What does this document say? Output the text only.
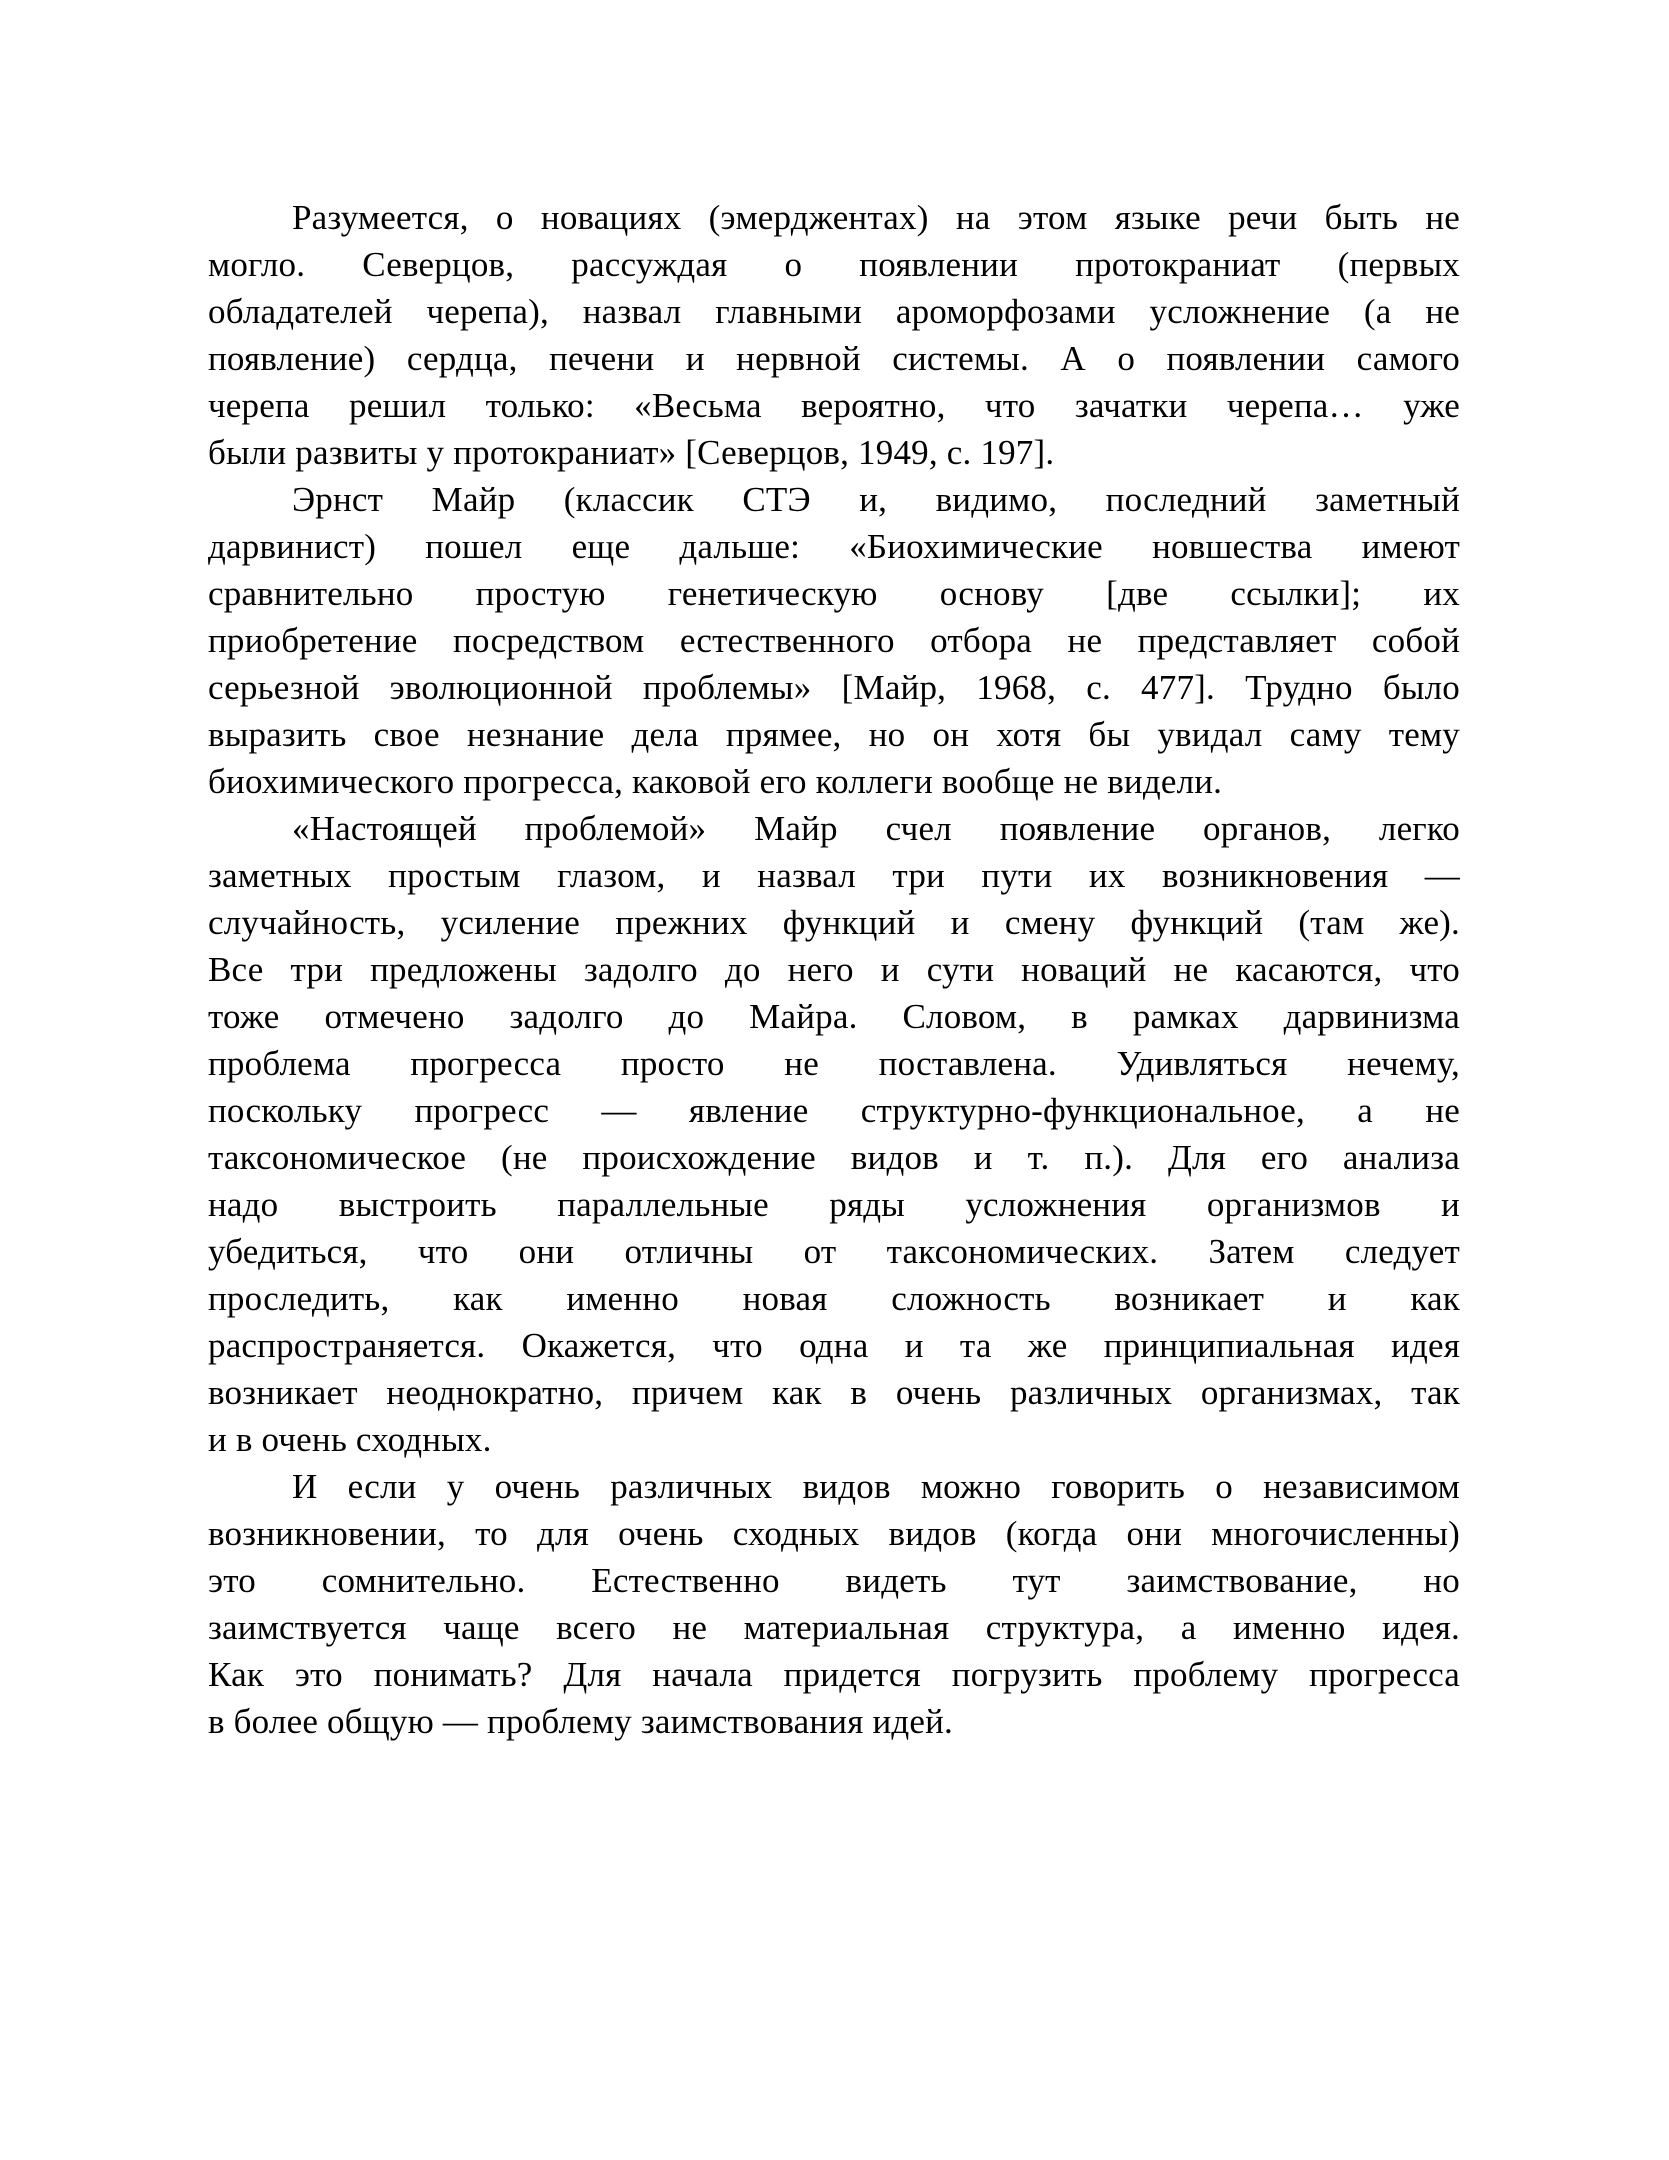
Разумеется, о новациях (эмерджентах) на этом языке речи быть не
могло. Северцов, рассуждая о появлении протокраниат (первых
обладателей черепа), назвал главными ароморфозами усложнение (а не
появление) сердца, печени и нервной системы. А о появлении самого
черепа решил только: «Весьма вероятно, что зачатки черепа… уже
были развиты у протокраниат» [Северцов, 1949, с. 197].
Эрнст Майр (классик СТЭ и, видимо, последний заметный
дарвинист) пошел еще дальше: «Биохимические новшества имеют
сравнительно простую генетическую основу [две ссылки]; их
приобретение посредством естественного отбора не представляет собой
серьезной эволюционной проблемы» [Майр, 1968, с. 477]. Трудно было
выразить свое незнание дела прямее, но он хотя бы увидал саму тему
биохимического прогресса, каковой его коллеги вообще не видели.
«Настоящей проблемой» Майр счел появление органов, легко
заметных простым глазом, и назвал три пути их возникновения —
случайность, усиление прежних функций и смену функций (там же).
Все три предложены задолго до него и сути новаций не касаются, что
тоже отмечено задолго до Майра. Словом, в рамках дарвинизма
проблема прогресса просто не поставлена. Удивляться нечему,
поскольку прогресс — явление структурно-функциональное, а не
таксономическое (не происхождение видов и т. п.). Для его анализа
надо выстроить параллельные ряды усложнения организмов и
убедиться, что они отличны от таксономических. Затем следует
проследить, как именно новая сложность возникает и как
распространяется. Окажется, что одна и та же принципиальная идея
возникает неоднократно, причем как в очень различных организмах, так
и в очень сходных.
И если у очень различных видов можно говорить о независимом
возникновении, то для очень сходных видов (когда они многочисленны)
это сомнительно. Естественно видеть тут заимствование, но
заимствуется чаще всего не материальная структура, а именно идея.
Как это понимать? Для начала придется погрузить проблему прогресса
в более общую — проблему заимствования идей.
